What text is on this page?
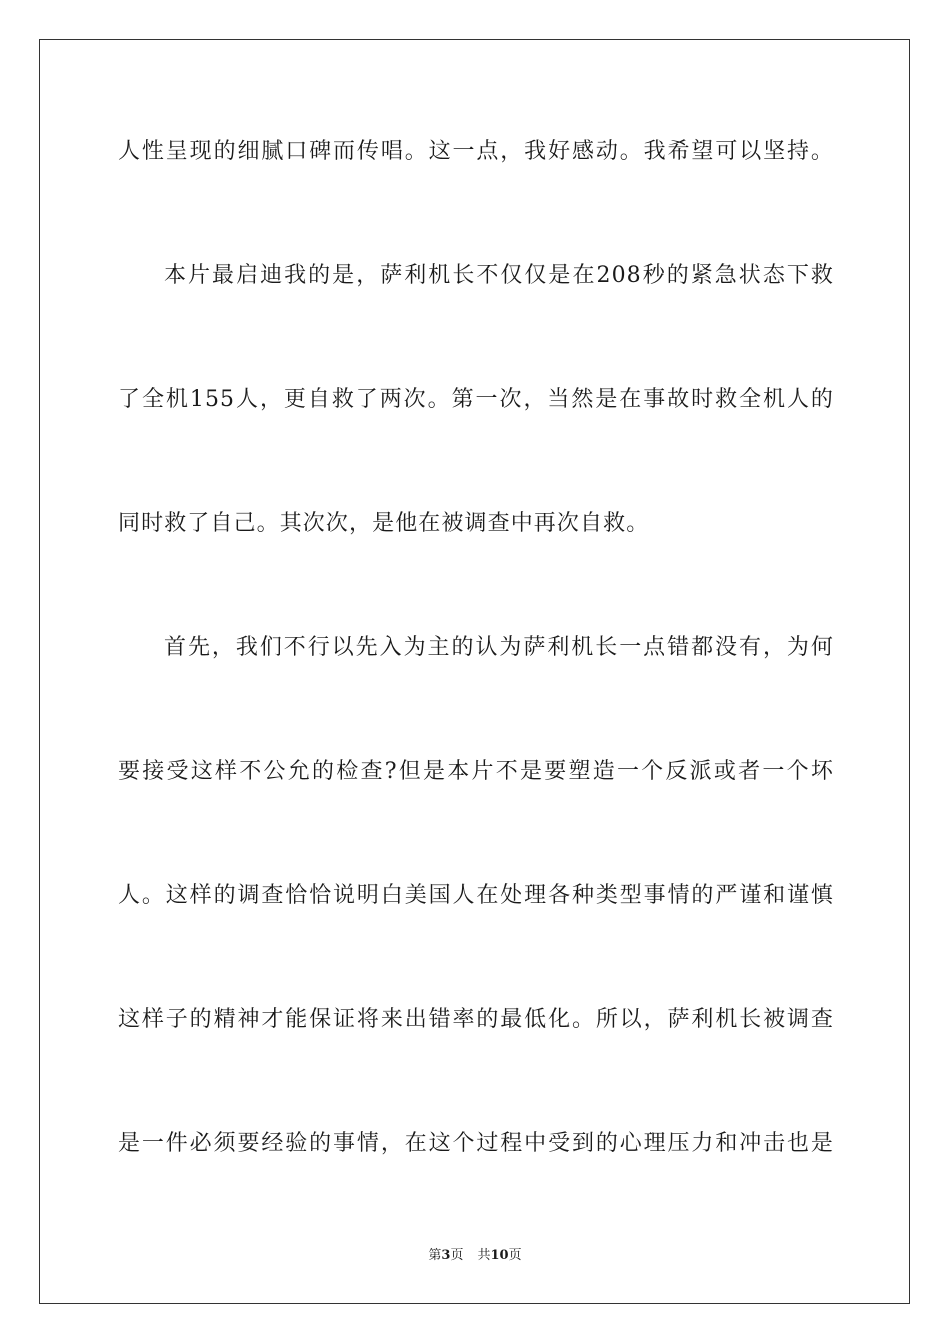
人性呈现的细腻口碑而传唱。这一点，我好感动。我希望可以坚持。
本片最启迪我的是，萨利机长不仅仅是在208秒的紧急状态下救
了全机155人，更自救了两次。第一次，当然是在事故时救全机人的
同时救了自己。其次次，是他在被调查中再次自救。
首先，我们不行以先入为主的认为萨利机长一点错都没有，为何
要接受这样不公允的检查?但是本片不是要塑造一个反派或者一个坏
人。这样的调查恰恰说明白美国人在处理各种类型事情的严谨和谨慎
这样子的精神才能保证将来出错率的最低化。所以，萨利机长被调查
是一件必须要经验的事情，在这个过程中受到的心理压力和冲击也是
第3页 共10页
